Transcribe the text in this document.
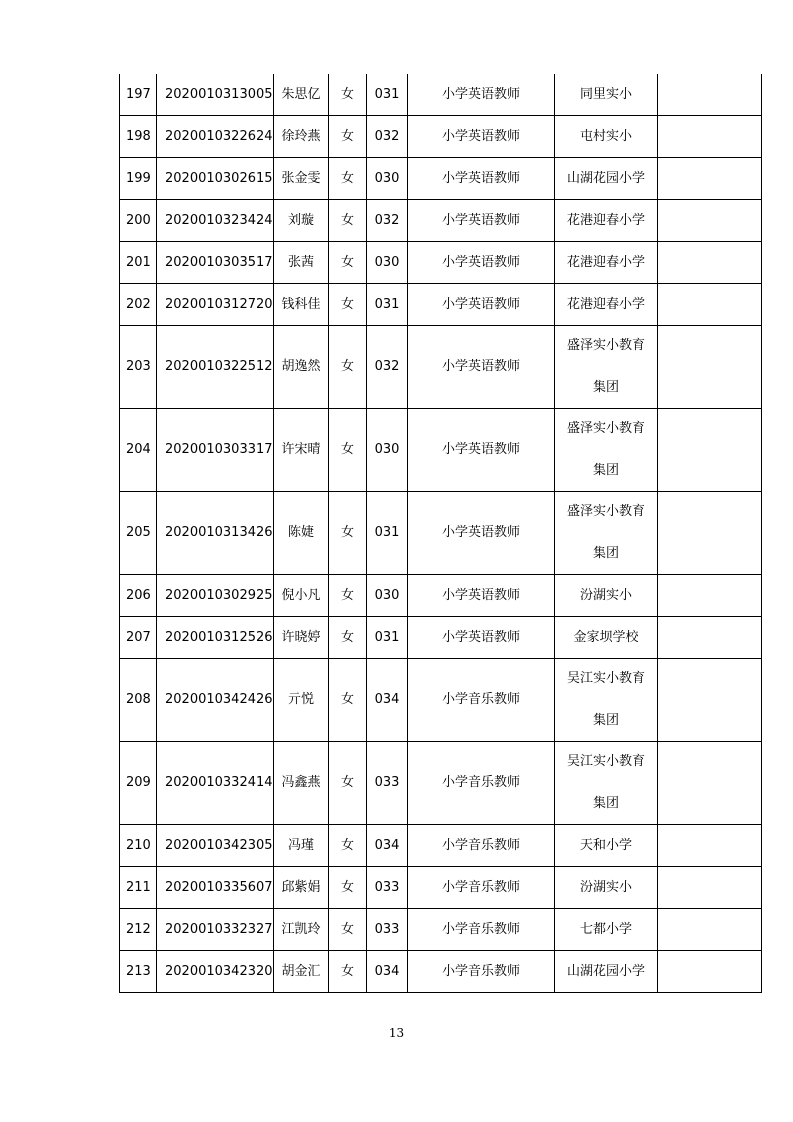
197	2020010313005	朱思亿	女	031	小学英语教师	同里实小	

198	2020010322624	徐玲燕	女	032	小学英语教师	屯村实小	

199	2020010302615	张金雯	女	030	小学英语教师	山湖花园小学	

200	2020010323424	刘璇	女	032	小学英语教师	花港迎春小学	

201	2020010303517	张茜	女	030	小学英语教师	花港迎春小学	

202	2020010312720	钱科佳	女	031	小学英语教师	花港迎春小学	

203	2020010322512	胡逸然	女	032	小学英语教师	盛泽实小教育
集团	

204	2020010303317	许宋晴	女	030	小学英语教师	盛泽实小教育
集团	

205	2020010313426	陈婕	女	031	小学英语教师	盛泽实小教育
集团	

206	2020010302925	倪小凡	女	030	小学英语教师	汾湖实小	

207	2020010312526	许晓婷	女	031	小学英语教师	金家坝学校	

208	2020010342426	亓悦	女	034	小学音乐教师	吴江实小教育
集团	

209	2020010332414	冯鑫燕	女	033	小学音乐教师	吴江实小教育
集团	

210	2020010342305	冯瑾	女	034	小学音乐教师	天和小学	

211	2020010335607	邱紫娟	女	033	小学音乐教师	汾湖实小	

212	2020010332327	江凯玲	女	033	小学音乐教师	七都小学	

213	2020010342320	胡金汇	女	034	小学音乐教师	山湖花园小学	

13
